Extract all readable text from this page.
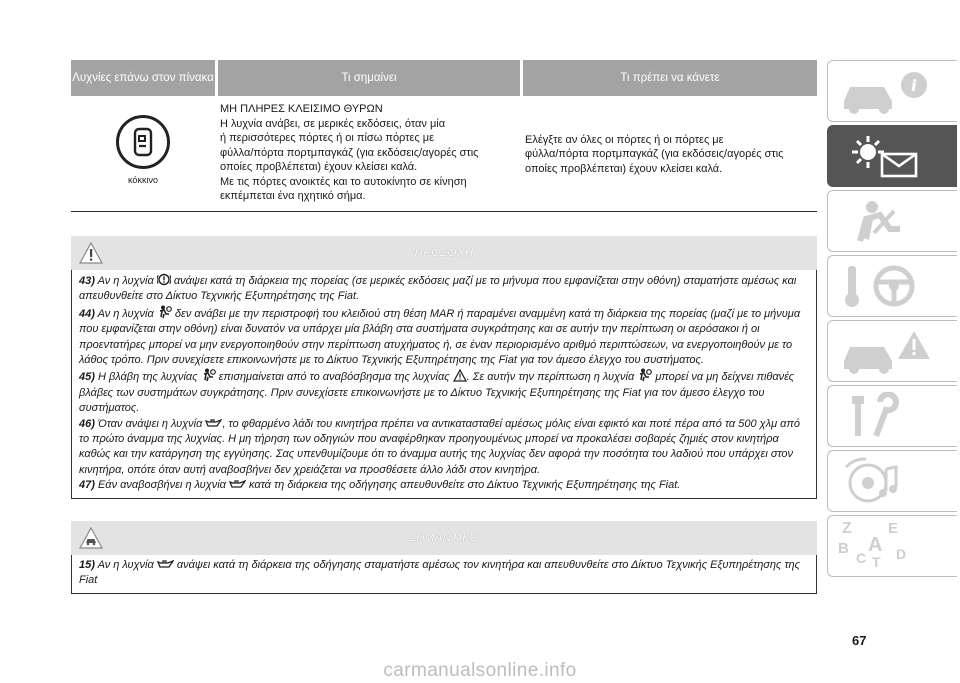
Λυχνίες επάνω στον πίνακα	Τι σημαίνει	Τι πρέπει να κάνετε
κόκκινο
ΜΗ ΠΛΗΡΕΣ ΚΛΕΙΣΙΜΟ ΘΥΡΩΝ
Η λυχνία ανάβει, σε μερικές εκδόσεις, όταν μία
ή περισσότερες πόρτες ή οι πίσω πόρτες με
φύλλα/πόρτα πορτμπαγκάζ (για εκδόσεις/αγορές στις
οποίες προβλέπεται) έχουν κλείσει καλά.
Με τις πόρτες ανοικτές και το αυτοκίνητο σε κίνηση
εκπέμπεται ένα ηχητικό σήμα.
Ελέγξτε αν όλες οι πόρτες ή οι πόρτες με
φύλλα/πόρτα πορτμπαγκάζ (για εκδόσεις/αγορές στις
οποίες προβλέπεται) έχουν κλείσει καλά.
ΠΡΟΣΟΧΗ

43) Αν η λυχνία  ανάψει κατά τη διάρκεια της πορείας (σε μερικές εκδόσεις μαζί με το μήνυμα που εμφανίζεται στην οθόνη) σταματήστε αμέσως και απευθυνθείτε στο Δίκτυο Τεχνικής Εξυπηρέτησης της Fiat.

44) Αν η λυχνία  δεν ανάβει με την περιστροφή του κλειδιού στη θέση MAR ή παραμένει αναμμένη κατά τη διάρκεια της πορείας (μαζί με το μήνυμα που εμφανίζεται στην οθόνη) είναι δυνατόν να υπάρχει μία βλάβη στα συστήματα συγκράτησης και σε αυτήν την περίπτωση οι αερόσακοι ή οι προεντατήρες μπορεί να μην ενεργοποιηθούν στην περίπτωση ατυχήματος ή, σε έναν περιορισμένο αριθμό περιπτώσεων, να ενεργοποιηθούν με το λάθος τρόπο. Πριν συνεχίσετε επικοινωνήστε με το Δίκτυο Τεχνικής Εξυπηρέτησης της Fiat για τον άμεσο έλεγχο του συστήματος.

45) Η βλάβη της λυχνίας  επισημαίνεται από το αναβόσβησμα της λυχνίας . Σε αυτήν την περίπτωση η λυχνία  μπορεί να μη δείχνει πιθανές βλάβες των συστημάτων συγκράτησης. Πριν συνεχίσετε επικοινωνήστε με το Δίκτυο Τεχνικής Εξυπηρέτησης της Fiat για τον άμεσο έλεγχο του συστήματος.

46) Όταν ανάψει η λυχνία , το φθαρμένο λάδι του κινητήρα πρέπει να αντικατασταθεί αμέσως μόλις είναι εφικτό και ποτέ πέρα από τα 500 χλμ από το πρώτο άναμμα της λυχνίας. Η μη τήρηση των οδηγιών που αναφέρθηκαν προηγουμένως μπορεί να προκαλέσει σοβαρές ζημιές στον κινητήρα καθώς και την κατάργηση της εγγύησης. Σας υπενθυμίζουμε ότι το άναμμα αυτής της λυχνίας δεν αφορά την ποσότητα του λαδιού που υπάρχει στον κινητήρα, οπότε όταν αυτή αναβοσβήνει δεν χρειάζεται να προσθέσετε άλλο λάδι στον κινητήρα.

47) Εάν αναβοσβήνει η λυχνία  κατά τη διάρκεια της οδήγησης απευθυνθείτε στο Δίκτυο Τεχνικής Εξυπηρέτησης της Fiat.

ΣΗΜΑΝΤΙΚΟ

15) Αν η λυχνία  ανάψει κατά τη διάρκεια της οδήγησης σταματήστε αμέσως τον κινητήρα και απευθυνθείτε στο Δίκτυο Τεχνικής Εξυπηρέτησης της Fiat

i
Z E
B A
C T D
67
carmanualsonline.info
